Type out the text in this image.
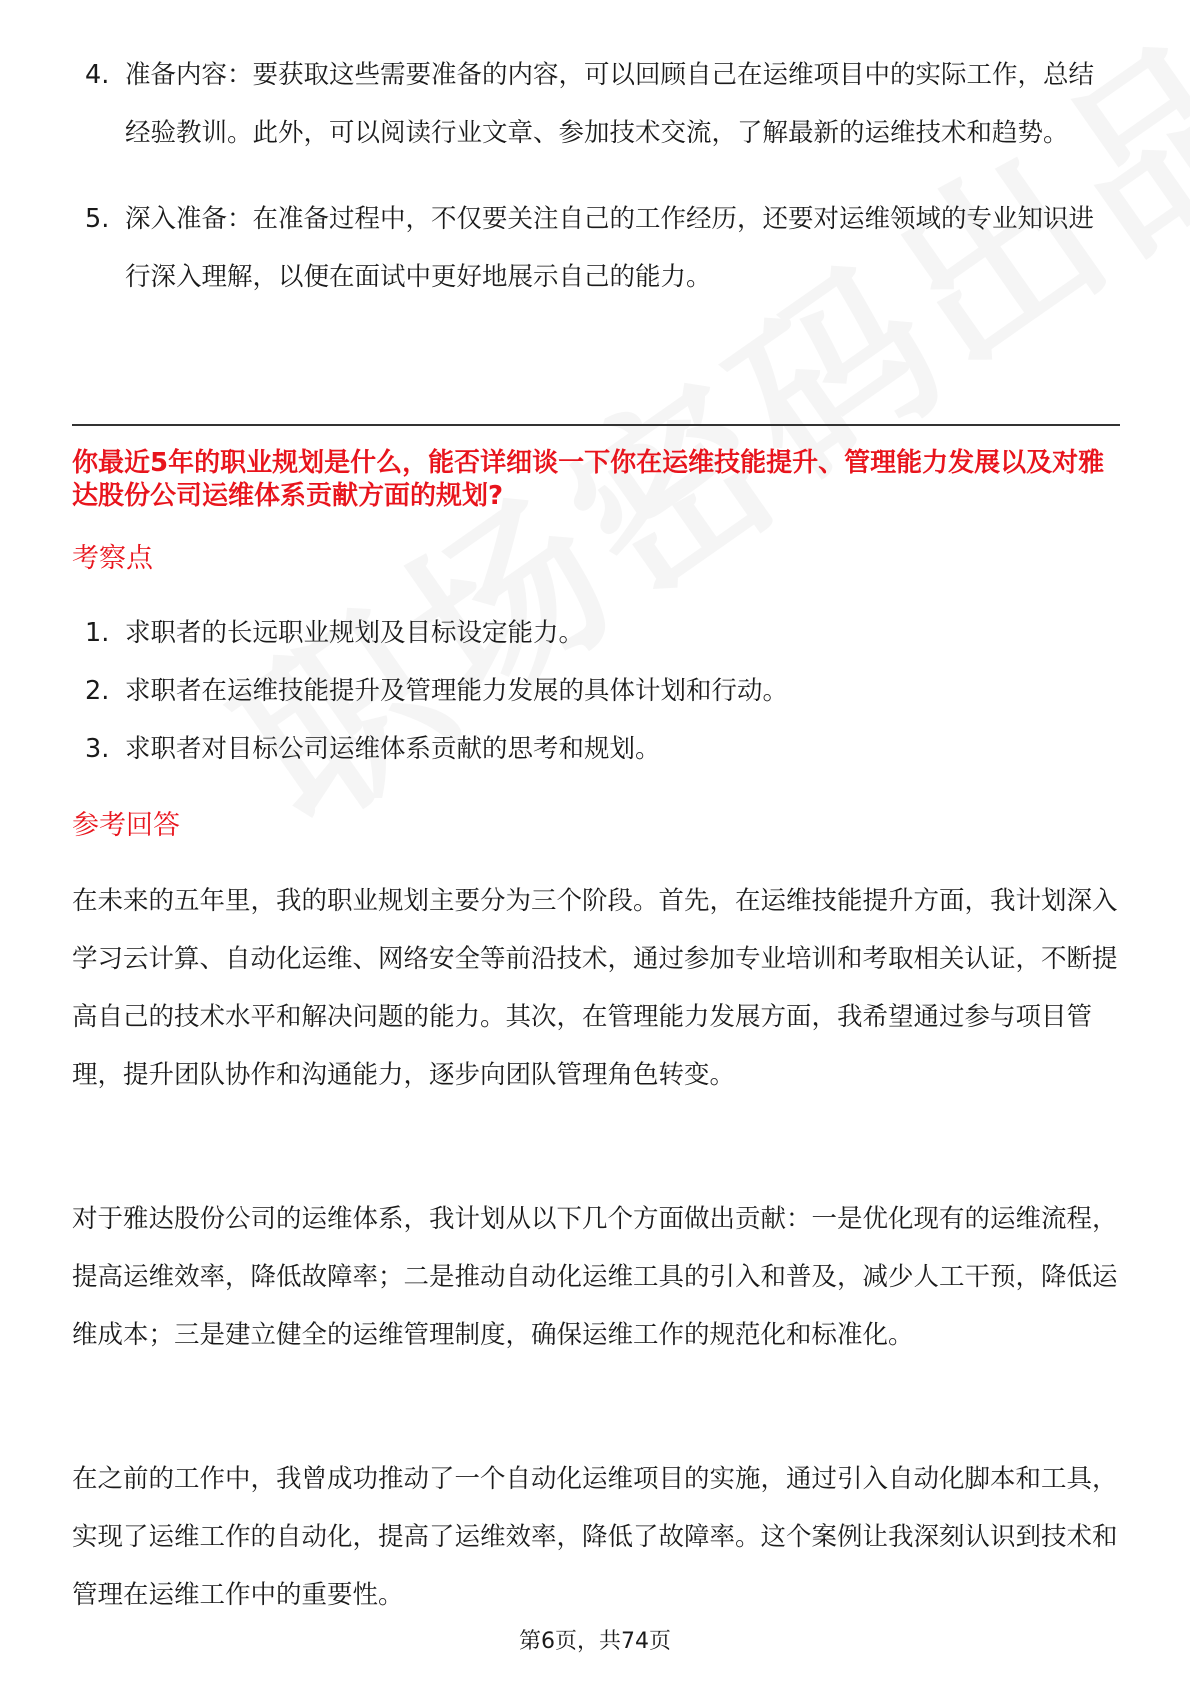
4. 准备内容：要获取这些需要准备的内容，可以回顾自己在运维项目中的实际工作，总结经验教训。此外，可以阅读行业文章、参加技术交流，了解最新的运维技术和趋势。
5. 深入准备：在准备过程中，不仅要关注自己的工作经历，还要对运维领域的专业知识进行深入理解，以便在面试中更好地展示自己的能力。
你最近5年的职业规划是什么，能否详细谈一下你在运维技能提升、管理能力发展以及对雅达股份公司运维体系贡献方面的规划?
考察点
1. 求职者的长远职业规划及目标设定能力。
2. 求职者在运维技能提升及管理能力发展的具体计划和行动。
3. 求职者对目标公司运维体系贡献的思考和规划。
参考回答

在未来的五年里，我的职业规划主要分为三个阶段。首先，在运维技能提升方面，我计划深入学习云计算、自动化运维、网络安全等前沿技术，通过参加专业培训和考取相关认证，不断提高自己的技术水平和解决问题的能力。其次，在管理能力发展方面，我希望通过参与项目管理，提升团队协作和沟通能力，逐步向团队管理角色转变。

对于雅达股份公司的运维体系，我计划从以下几个方面做出贡献：一是优化现有的运维流程，提高运维效率，降低故障率；二是推动自动化运维工具的引入和普及，减少人工干预，降低运维成本；三是建立健全的运维管理制度，确保运维工作的规范化和标准化。

在之前的工作中，我曾成功推动了一个自动化运维项目的实施，通过引入自动化脚本和工具，实现了运维工作的自动化，提高了运维效率，降低了故障率。这个案例让我深刻认识到技术和管理在运维工作中的重要性。

第6页，共74页
